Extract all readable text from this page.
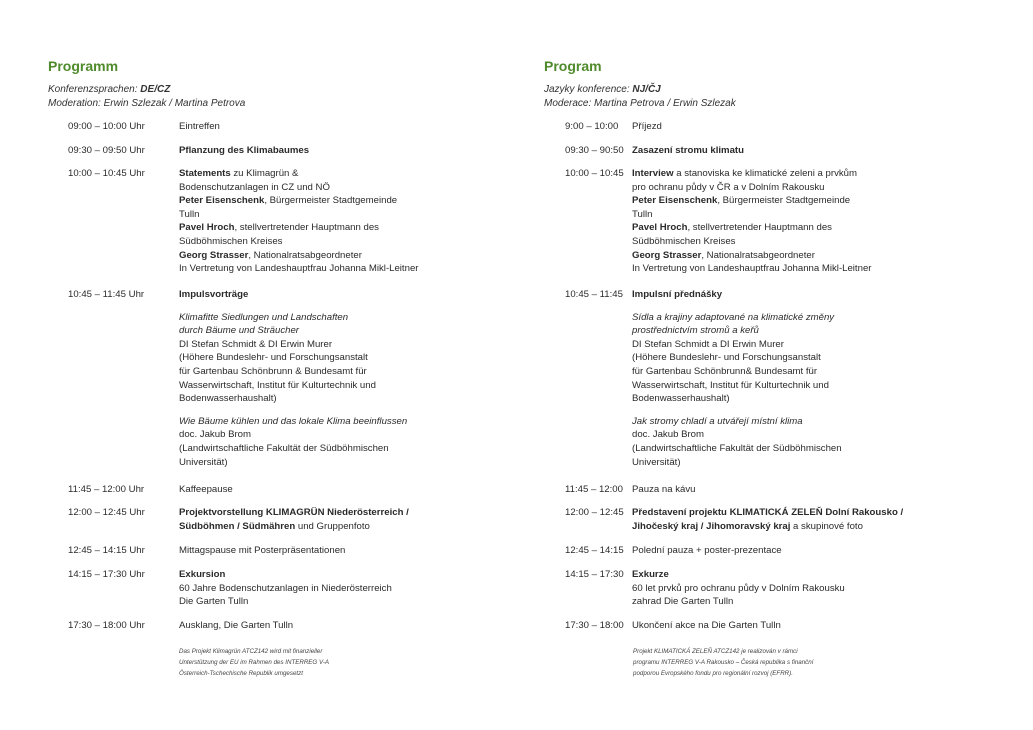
Programm
Konferenzsprachen: DE/CZ
Moderation: Erwin Szlezak / Martina Petrova
09:00 – 10:00 Uhr	Eintreffen
09:30 – 09:50 Uhr	Pflanzung des Klimabaumes
10:00 – 10:45 Uhr	Statements zu Klimagrün &
Bodenschutzanlagen in CZ und NÖ
Peter Eisenschenk, Bürgermeister Stadtgemeinde
Tulln
Pavel Hroch, stellvertretender Hauptmann des
Südböhmischen Kreises
Georg Strasser, Nationalratsabgeordneter
In Vertretung von Landeshauptfrau Johanna Mikl-Leitner
10:45 – 11:45 Uhr	Impulsvorträge
Klimafitte Siedlungen und Landschaften
durch Bäume und Sträucher
DI Stefan Schmidt & DI Erwin Murer
(Höhere Bundeslehr- und Forschungsanstalt
für Gartenbau Schönbrunn & Bundesamt für
Wasserwirtschaft, Institut für Kulturtechnik und
Bodenwasserhaushalt)
Wie Bäume kühlen und das lokale Klima beeinflussen
doc. Jakub Brom
(Landwirtschaftliche Fakultät der Südböhmischen
Universität)
11:45 – 12:00 Uhr	Kaffeepause
12:00 – 12:45 Uhr	Projektvorstellung KLIMAGRÜN Niederösterreich /
Südböhmen / Südmähren und Gruppenfoto
12:45 – 14:15 Uhr	Mittagspause mit Posterpräsentationen
14:15 – 17:30 Uhr	Exkursion
60 Jahre Bodenschutzanlagen in Niederösterreich
Die Garten Tulln
17:30 – 18:00 Uhr	Ausklang, Die Garten Tulln
Das Projekt Klimagrün ATCZ142 wird mit finanzieller
Unterstützung der EU im Rahmen des INTERREG V-A
Österreich-Tschechische Republik umgesetzt
Program
Jazyky konference: NJ/ČJ
Moderace: Martina Petrova / Erwin Szlezak
9:00 – 10:00 Příjezd
09:30 – 90:50 Zasazení stromu klimatu
10:00 – 10:45 Interview a stanoviska ke klimatické zeleni a prvkům
pro ochranu půdy v ČR a v Dolním Rakousku
Peter Eisenschenk, Bürgermeister Stadtgemeinde
Tulln
Pavel Hroch, stellvertretender Hauptmann des
Südböhmischen Kreises
Georg Strasser, Nationalratsabgeordneter
In Vertretung von Landeshauptfrau Johanna Mikl-Leitner
10:45 – 11:45 Impulsní přednášky
Sídla a krajiny adaptované na klimatické změny
prostřednictvím stromů a keřů
DI Stefan Schmidt a DI Erwin Murer
(Höhere Bundeslehr- und Forschungsanstalt
für Gartenbau Schönbrunn& Bundesamt für
Wasserwirtschaft, Institut für Kulturtechnik und
Bodenwasserhaushalt)
Jak stromy chladí a utvářejí místní klima
doc. Jakub Brom
(Landwirtschaftliche Fakultät der Südböhmischen
Universität)
11:45 – 12:00 Pauza na kávu
12:00 – 12:45 Představení projektu KLIMATICKÁ ZELEŇ Dolní Rakousko /
Jihočeský kraj / Jihomoravský kraj a skupinové foto
12:45 – 14:15 Polední pauza + poster-prezentace
14:15 – 17:30 Exkurze
60 let prvků pro ochranu půdy v Dolním Rakousku
zahrad Die Garten Tulln
17:30 – 18:00 Ukončení akce na Die Garten Tulln
Projekt KLIMATICKÁ ZELEŇ ATCZ142 je realizován v rámci
programu INTERREG V-A Rakousko – Česká republika s finanční
podporou Evropského fondu pro regionální rozvoj (EFRR).
